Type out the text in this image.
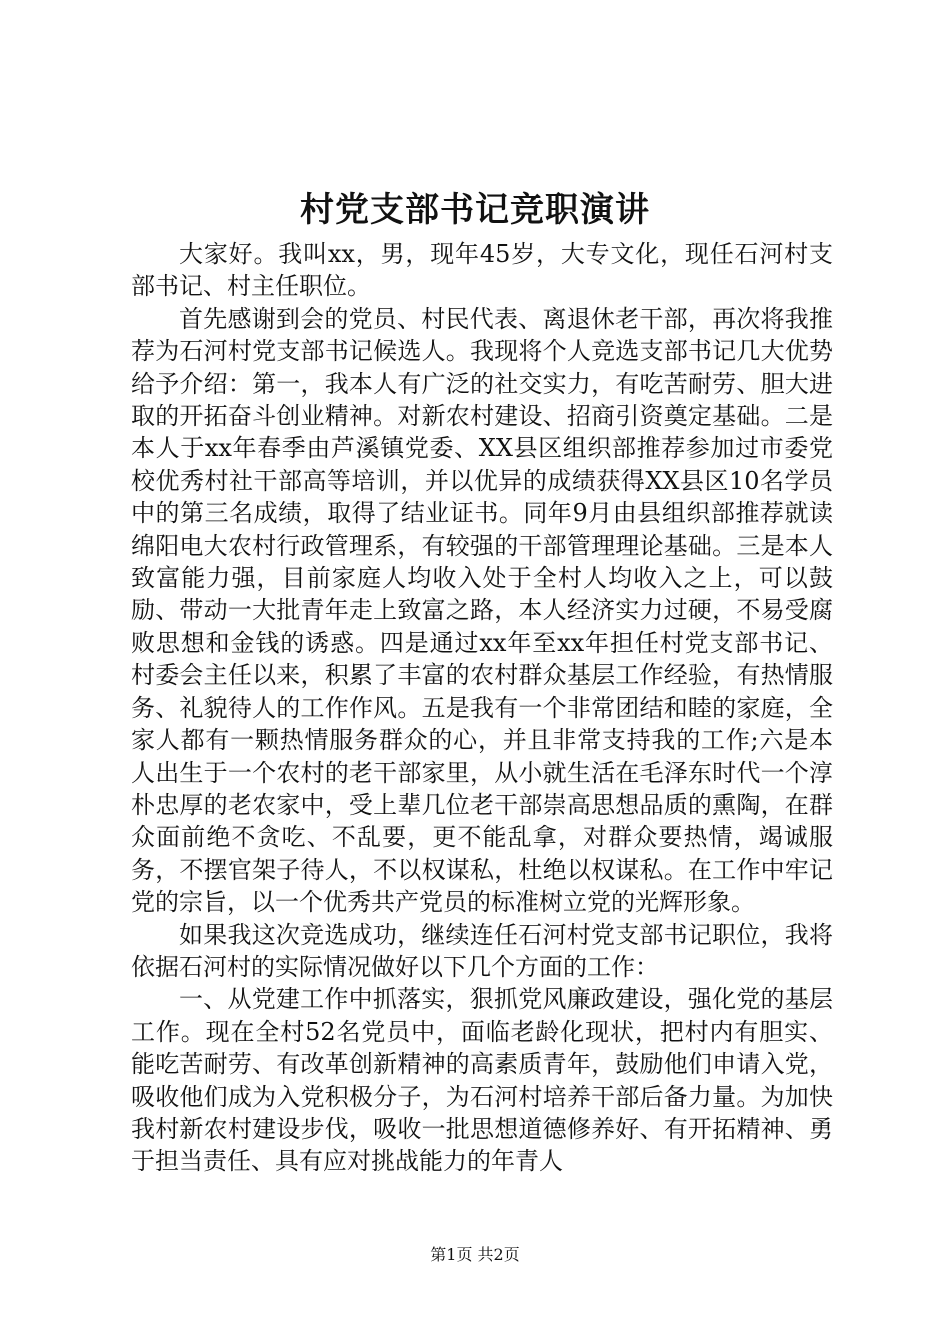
村党支部书记竞职演讲

大家好。我叫xx，男，现年45岁，大专文化，现任石河村支部书记、村主任职位。

首先感谢到会的党员、村民代表、离退休老干部，再次将我推荐为石河村党支部书记候选人。我现将个人竞选支部书记几大优势给予介绍：第一，我本人有广泛的社交实力，有吃苦耐劳、胆大进取的开拓奋斗创业精神。对新农村建设、招商引资奠定基础。二是本人于xx年春季由芦溪镇党委、XX县区组织部推荐参加过市委党校优秀村社干部高等培训，并以优异的成绩获得XX县区10名学员中的第三名成绩，取得了结业证书。同年9月由县组织部推荐就读绵阳电大农村行政管理系，有较强的干部管理理论基础。三是本人致富能力强，目前家庭人均收入处于全村人均收入之上，可以鼓励、带动一大批青年走上致富之路，本人经济实力过硬，不易受腐败思想和金钱的诱惑。四是通过xx年至xx年担任村党支部书记、村委会主任以来，积累了丰富的农村群众基层工作经验，有热情服务、礼貌待人的工作作风。五是我有一个非常团结和睦的家庭，全家人都有一颗热情服务群众的心，并且非常支持我的工作;六是本人出生于一个农村的老干部家里，从小就生活在毛泽东时代一个淳朴忠厚的老农家中，受上辈几位老干部崇高思想品质的熏陶，在群众面前绝不贪吃、不乱要，更不能乱拿，对群众要热情，竭诚服务，不摆官架子待人，不以权谋私，杜绝以权谋私。在工作中牢记党的宗旨，以一个优秀共产党员的标准树立党的光辉形象。

如果我这次竞选成功，继续连任石河村党支部书记职位，我将依据石河村的实际情况做好以下几个方面的工作：

一、从党建工作中抓落实，狠抓党风廉政建设，强化党的基层工作。现在全村52名党员中，面临老龄化现状，把村内有胆实、能吃苦耐劳、有改革创新精神的高素质青年，鼓励他们申请入党，吸收他们成为入党积极分子，为石河村培养干部后备力量。为加快我村新农村建设步伐，吸收一批思想道德修养好、有开拓精神、勇于担当责任、具有应对挑战能力的年青人

第1页 共2页
